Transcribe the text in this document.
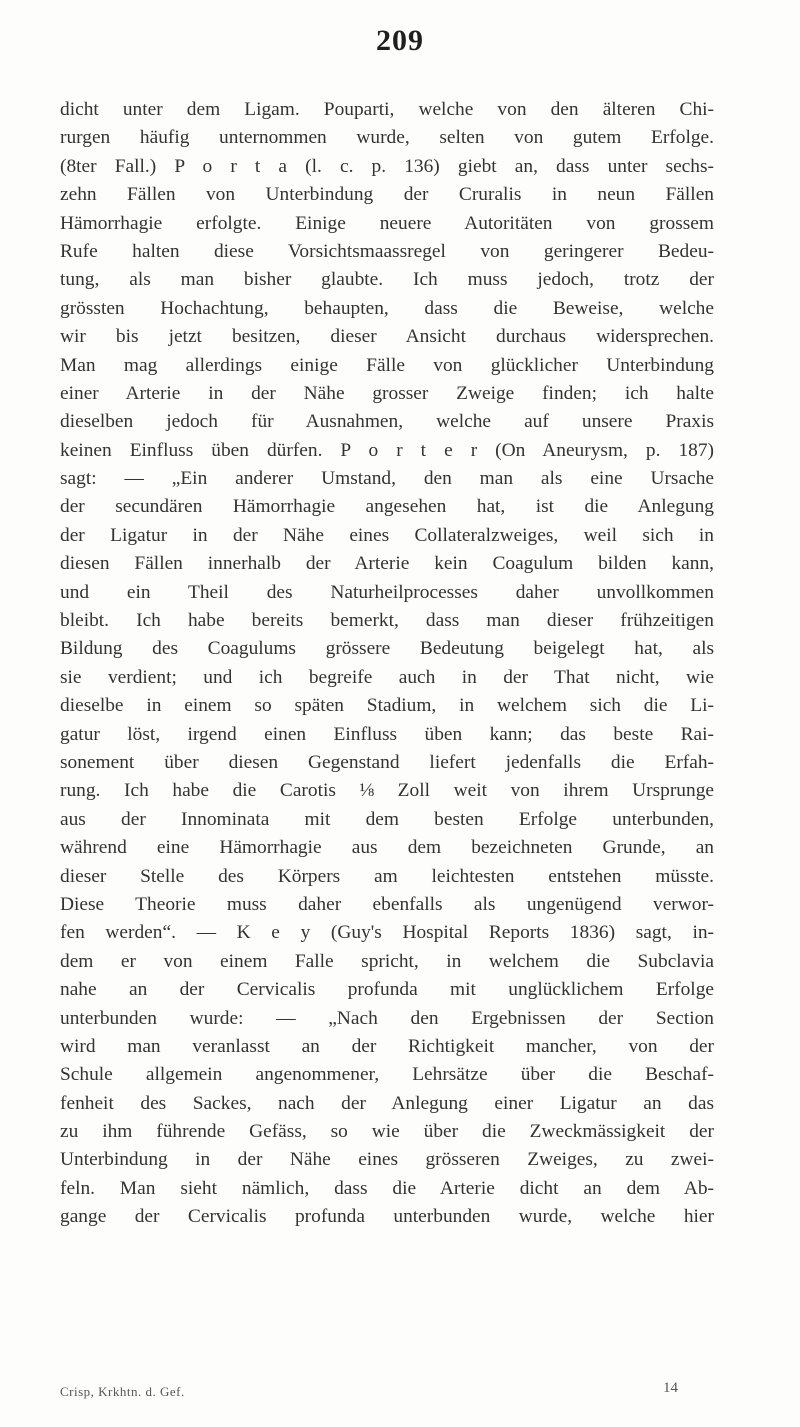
209
dicht unter dem Ligam. Pouparti, welche von den älteren Chi-
rurgen häufig unternommen wurde, selten von gutem Erfolge.
(8ter Fall.) P o r t a (l. c. p. 136) giebt an, dass unter sechs-
zehn Fällen von Unterbindung der Cruralis in neun Fällen
Hämorrhagie erfolgte. Einige neuere Autoritäten von grossem
Rufe halten diese Vorsichtsmaassregel von geringerer Bedeu-
tung, als man bisher glaubte. Ich muss jedoch, trotz der
grössten Hochachtung, behaupten, dass die Beweise, welche
wir bis jetzt besitzen, dieser Ansicht durchaus widersprechen.
Man mag allerdings einige Fälle von glücklicher Unterbindung
einer Arterie in der Nähe grosser Zweige finden; ich halte
dieselben jedoch für Ausnahmen, welche auf unsere Praxis
keinen Einfluss üben dürfen. P o r t e r (On Aneurysm, p. 187)
sagt: — „Ein anderer Umstand, den man als eine Ursache
der secundären Hämorrhagie angesehen hat, ist die Anlegung
der Ligatur in der Nähe eines Collateralzweiges, weil sich in
diesen Fällen innerhalb der Arterie kein Coagulum bilden kann,
und ein Theil des Naturheilprocesses daher unvollkommen
bleibt. Ich habe bereits bemerkt, dass man dieser frühzeitigen
Bildung des Coagulums grössere Bedeutung beigelegt hat, als
sie verdient; und ich begreife auch in der That nicht, wie
dieselbe in einem so späten Stadium, in welchem sich die Li-
gatur löst, irgend einen Einfluss üben kann; das beste Rai-
sonement über diesen Gegenstand liefert jedenfalls die Erfah-
rung. Ich habe die Carotis ⅛ Zoll weit von ihrem Ursprunge
aus der Innominata mit dem besten Erfolge unterbunden,
während eine Hämorrhagie aus dem bezeichneten Grunde, an
dieser Stelle des Körpers am leichtesten entstehen müsste.
Diese Theorie muss daher ebenfalls als ungenügend verwor-
fen werden“. — K e y (Guy's Hospital Reports 1836) sagt, in-
dem er von einem Falle spricht, in welchem die Subclavia
nahe an der Cervicalis profunda mit unglücklichem Erfolge
unterbunden wurde: — „Nach den Ergebnissen der Section
wird man veranlasst an der Richtigkeit mancher, von der
Schule allgemein angenommener, Lehrsätze über die Beschaf-
fenheit des Sackes, nach der Anlegung einer Ligatur an das
zu ihm führende Gefäss, so wie über die Zweckmässigkeit der
Unterbindung in der Nähe eines grösseren Zweiges, zu zwei-
feln. Man sieht nämlich, dass die Arterie dicht an dem Ab-
gange der Cervicalis profunda unterbunden wurde, welche hier
Crisp, Krkhtn. d. Gef.	14
